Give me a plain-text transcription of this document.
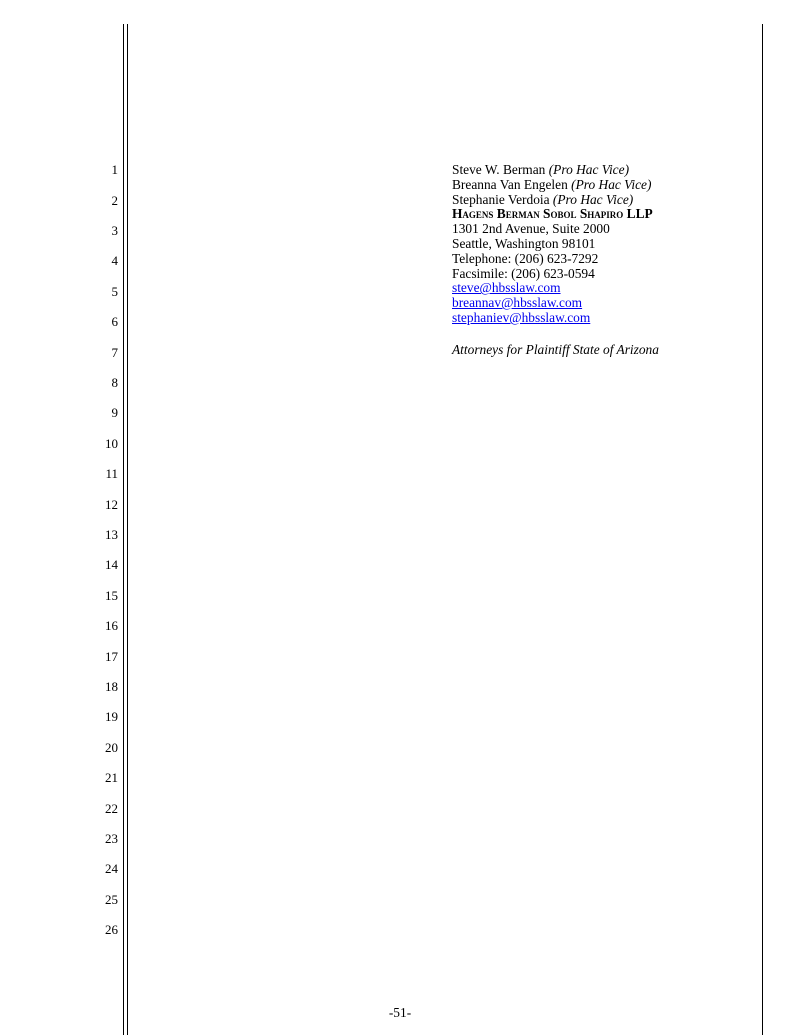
1
2
3
4
5
6
7
8
9
10
11
12
13
14
15
16
17
18
19
20
21
22
23
24
25
26
Steve W. Berman (Pro Hac Vice)
Breanna Van Engelen (Pro Hac Vice)
Stephanie Verdoia (Pro Hac Vice)
Hagens Berman Sobol Shapiro LLP
1301 2nd Avenue, Suite 2000
Seattle, Washington 98101
Telephone: (206) 623-7292
Facsimile: (206) 623-0594
steve@hbsslaw.com
breannav@hbsslaw.com
stephaniev@hbsslaw.com
Attorneys for Plaintiff State of Arizona
-51-
